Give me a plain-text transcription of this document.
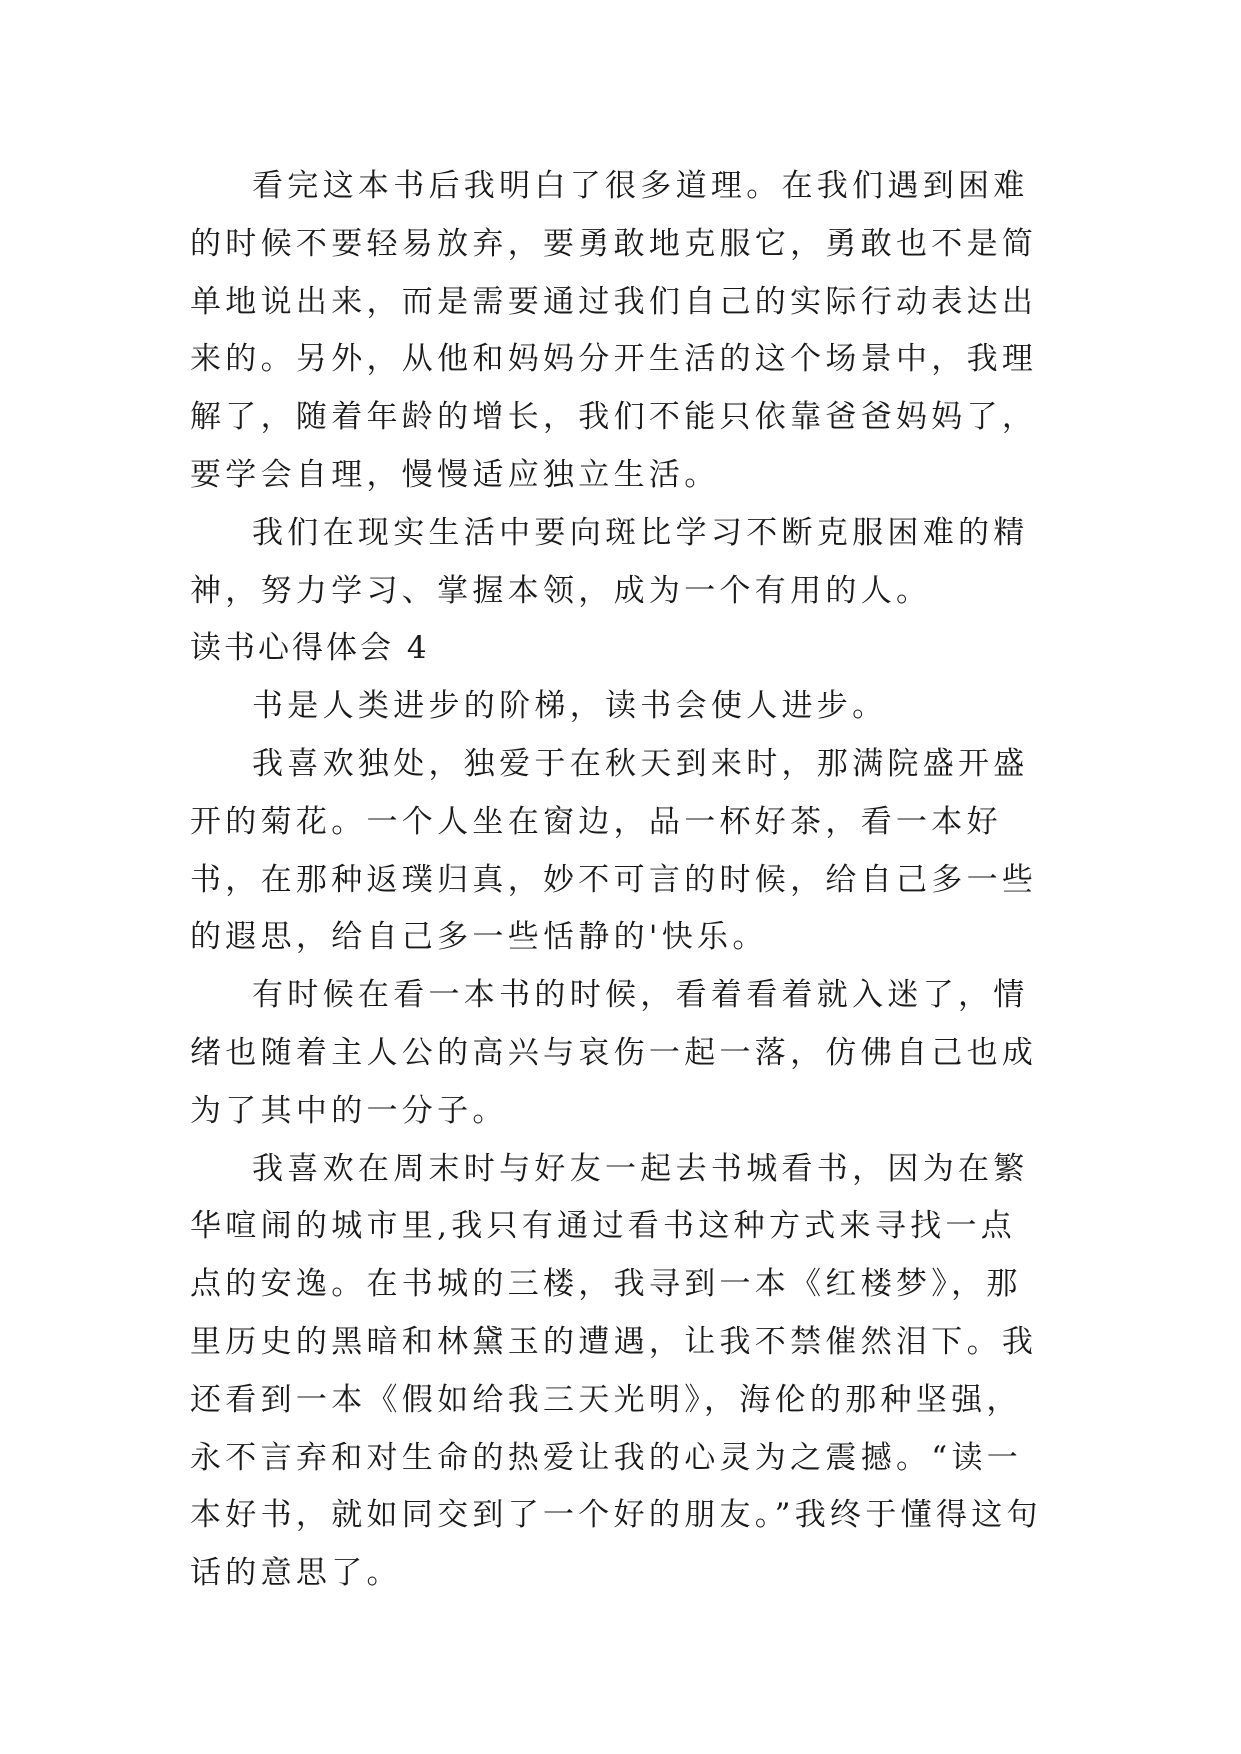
看完这本书后我明白了很多道理。在我们遇到困难的时候不要轻易放弃，要勇敢地克服它，勇敢也不是简单地说出来，而是需要通过我们自己的实际行动表达出来的。另外，从他和妈妈分开生活的这个场景中，我理解了，随着年龄的增长，我们不能只依靠爸爸妈妈了，要学会自理，慢慢适应独立生活。

我们在现实生活中要向斑比学习不断克服困难的精神，努力学习、掌握本领，成为一个有用的人。

读书心得体会 4

书是人类进步的阶梯，读书会使人进步。

我喜欢独处，独爱于在秋天到来时，那满院盛开盛开的菊花。一个人坐在窗边，品一杯好茶，看一本好书，在那种返璞归真，妙不可言的时候，给自己多一些的遐思，给自己多一些恬静的'快乐。

有时候在看一本书的时候，看着看着就入迷了，情绪也随着主人公的高兴与哀伤一起一落，仿佛自己也成为了其中的一分子。

我喜欢在周末时与好友一起去书城看书，因为在繁华喧闹的城市里,我只有通过看书这种方式来寻找一点点的安逸。在书城的三楼，我寻到一本《红楼梦》，那里历史的黑暗和林黛玉的遭遇，让我不禁催然泪下。我还看到一本《假如给我三天光明》，海伦的那种坚强，永不言弃和对生命的热爱让我的心灵为之震撼。“读一本好书，就如同交到了一个好的朋友。”我终于懂得这句话的意思了。
